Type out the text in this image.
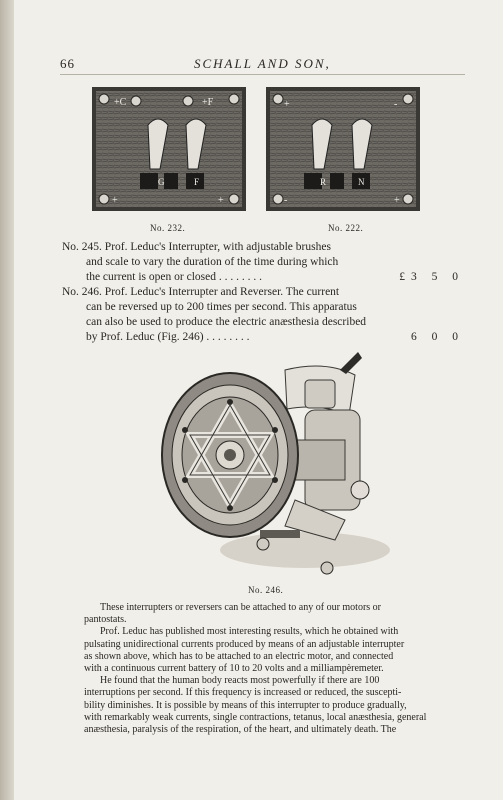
66	SCHALL AND SON,
+C	+F
G	F
+	+
No. 232.
+	-
R	N
-	+
No. 222.
No. 245. Prof. Leduc's Interrupter, with adjustable brushes
and scale to vary the duration of the time during which
the current is open or closed . . . . . . . .	£3 5 0
No. 246. Prof. Leduc's Interrupter and Reverser. The current
can be reversed up to 200 times per second. This apparatus
can also be used to produce the electric anæsthesia described
by Prof. Leduc (Fig. 246) . . . . . . . .	6 0 0
No. 246.
These interrupters or reversers can be attached to any of our motors or
pantostats.
Prof. Leduc has published most interesting results, which he obtained with
pulsating unidirectional currents produced by means of an adjustable interrupter
as shown above, which has to be attached to an electric motor, and connected
with a continuous current battery of 10 to 20 volts and a milliampèremeter.
He found that the human body reacts most powerfully if there are 100
interruptions per second. If this frequency is increased or reduced, the suscepti-
bility diminishes. It is possible by means of this interrupter to produce gradually,
with remarkably weak currents, single contractions, tetanus, local anæsthesia, general
anæsthesia, paralysis of the respiration, of the heart, and ultimately death. The
